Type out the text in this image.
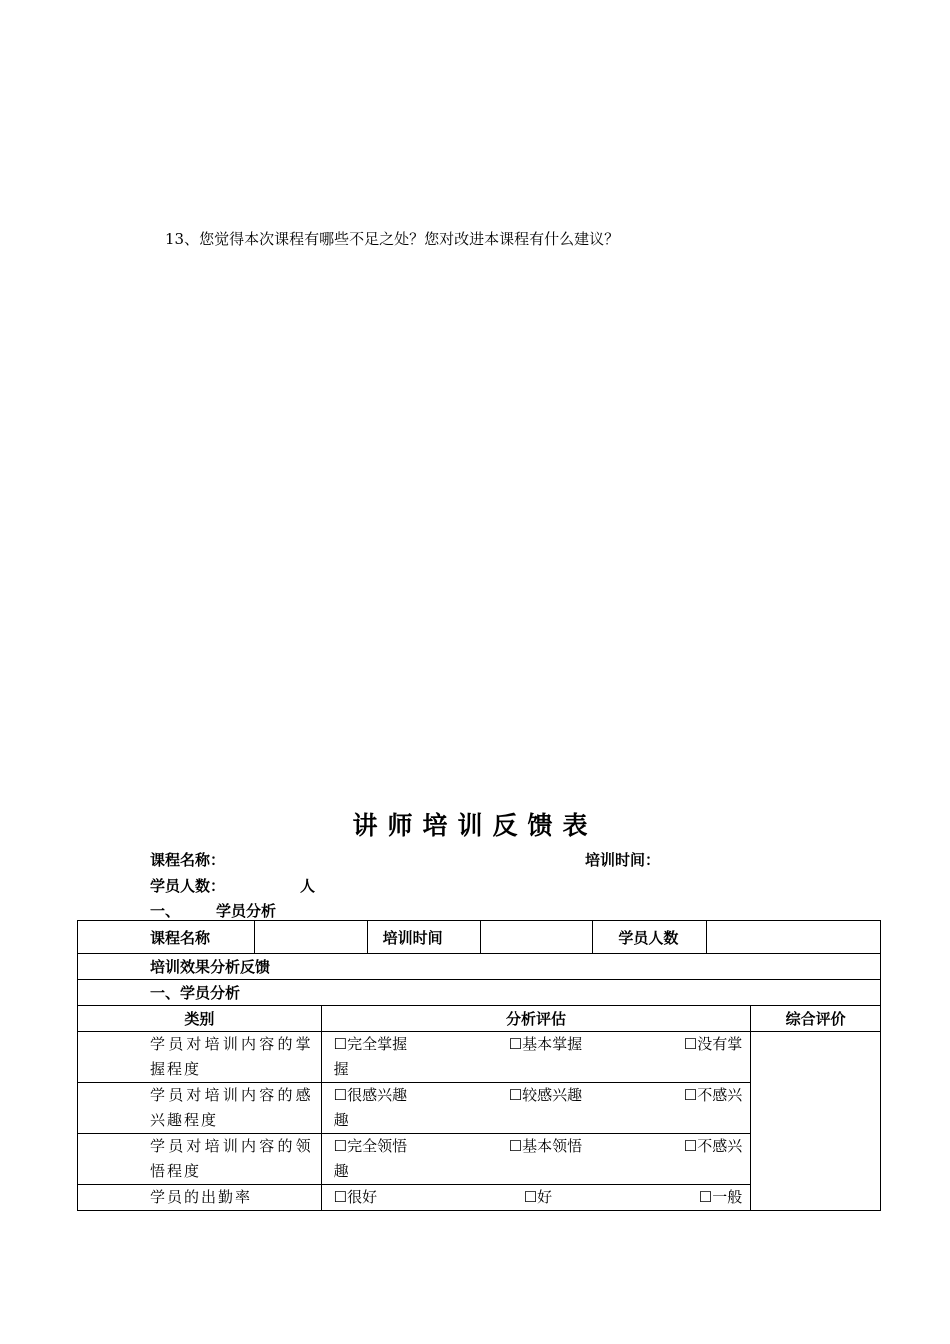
13、您觉得本次课程有哪些不足之处？您对改进本课程有什么建议？
讲师培训反馈表
课程名称：	培训时间：
学员人数：	人
一、 学员分析
课程名称		培训时间		学员人数	
培训效果分析反馈
一、学员分析
类别	分析评估	综合评价
学员对培训内容的掌握程度	☐完全掌握 ☐基本掌握 ☐没有掌
握	

学员对培训内容的感兴趣程度	☐很感兴趣 ☐较感兴趣 ☐不感兴
趣	

学员对培训内容的领悟程度	☐完全领悟 ☐基本领悟 ☐不感兴
趣	

学员的出勤率	☐很好 ☐好 ☐一般	
